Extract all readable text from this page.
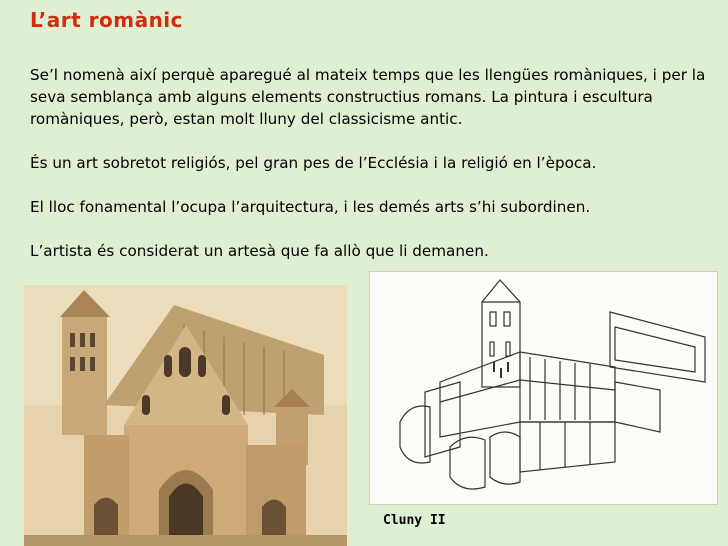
L’art romànic
Se’l nomenà així perquè aparegué al mateix temps que les llengües romàniques, i per la seva semblança amb alguns elements constructius romans. La pintura i escultura romàniques, però, estan molt lluny del classicisme antic.
És un art sobretot religiós, pel gran pes de l’Ecclésia i la religió en l’època.
El lloc fonamental l’ocupa l’arquitectura, i les demés arts s’hi subordinen.
L’artista és considerat un artesà que fa allò que li demanen.
Cluny II
